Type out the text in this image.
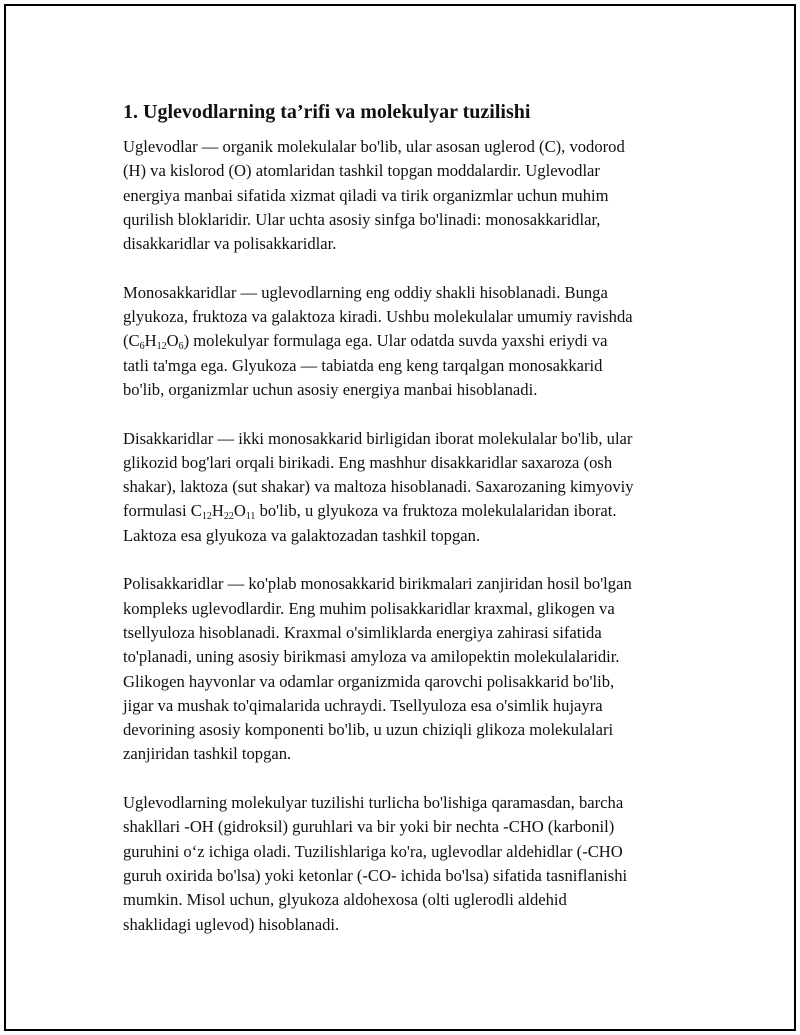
1. Uglevodlarning ta’rifi va molekulyar tuzilishi

Uglevodlar — organik molekulalar bo'lib, ular asosan uglerod (C), vodorod
(H) va kislorod (O) atomlaridan tashkil topgan moddalardir. Uglevodlar
energiya manbai sifatida xizmat qiladi va tirik organizmlar uchun muhim
qurilish bloklaridir. Ular uchta asosiy sinfga bo'linadi: monosakkaridlar,
disakkaridlar va polisakkaridlar.

Monosakkaridlar — uglevodlarning eng oddiy shakli hisoblanadi. Bunga
glyukoza, fruktoza va galaktoza kiradi. Ushbu molekulalar umumiy ravishda
$(C_6H_{12}O_6)$ molekulyar formulaga ega. Ular odatda suvda yaxshi eriydi va
tatli ta'mga ega. Glyukoza — tabiatda eng keng tarqalgan monosakkarid
bo'lib, organizmlar uchun asosiy energiya manbai hisoblanadi.

Disakkaridlar — ikki monosakkarid birligidan iborat molekulalar bo'lib, ular
glikozid bog'lari orqali birikadi. Eng mashhur disakkaridlar saxaroza (osh
shakar), laktoza (sut shakar) va maltoza hisoblanadi. Saxarozaning kimyoviy
formulasi $C_{12}H_{22}O_{11}$ bo'lib, u glyukoza va fruktoza molekulalaridan iborat.
Laktoza esa glyukoza va galaktozadan tashkil topgan.

Polisakkaridlar — ko'plab monosakkarid birikmalari zanjiridan hosil bo'lgan
kompleks uglevodlardir. Eng muhim polisakkaridlar kraxmal, glikogen va
tsellyuloza hisoblanadi. Kraxmal o'simliklarda energiya zahirasi sifatida
to'planadi, uning asosiy birikmasi amyloza va amilopektin molekulalaridir.
Glikogen hayvonlar va odamlar organizmida qarovchi polisakkarid bo'lib,
jigar va mushak to'qimalarida uchraydi. Tsellyuloza esa o'simlik hujayra
devorining asosiy komponenti bo'lib, u uzun chiziqli glikoza molekulalari
zanjiridan tashkil topgan.

Uglevodlarning molekulyar tuzilishi turlicha bo'lishiga qaramasdan, barcha
shakllari -OH (gidroksil) guruhlari va bir yoki bir nechta -CHO (karbonil)
guruhini o‘z ichiga oladi. Tuzilishlariga ko'ra, uglevodlar aldehidlar (-CHO
guruh oxirida bo'lsa) yoki ketonlar (-CO- ichida bo'lsa) sifatida tasniflanishi
mumkin. Misol uchun, glyukoza aldohexosa (olti uglerodli aldehid
shaklidagi uglevod) hisoblanadi.
